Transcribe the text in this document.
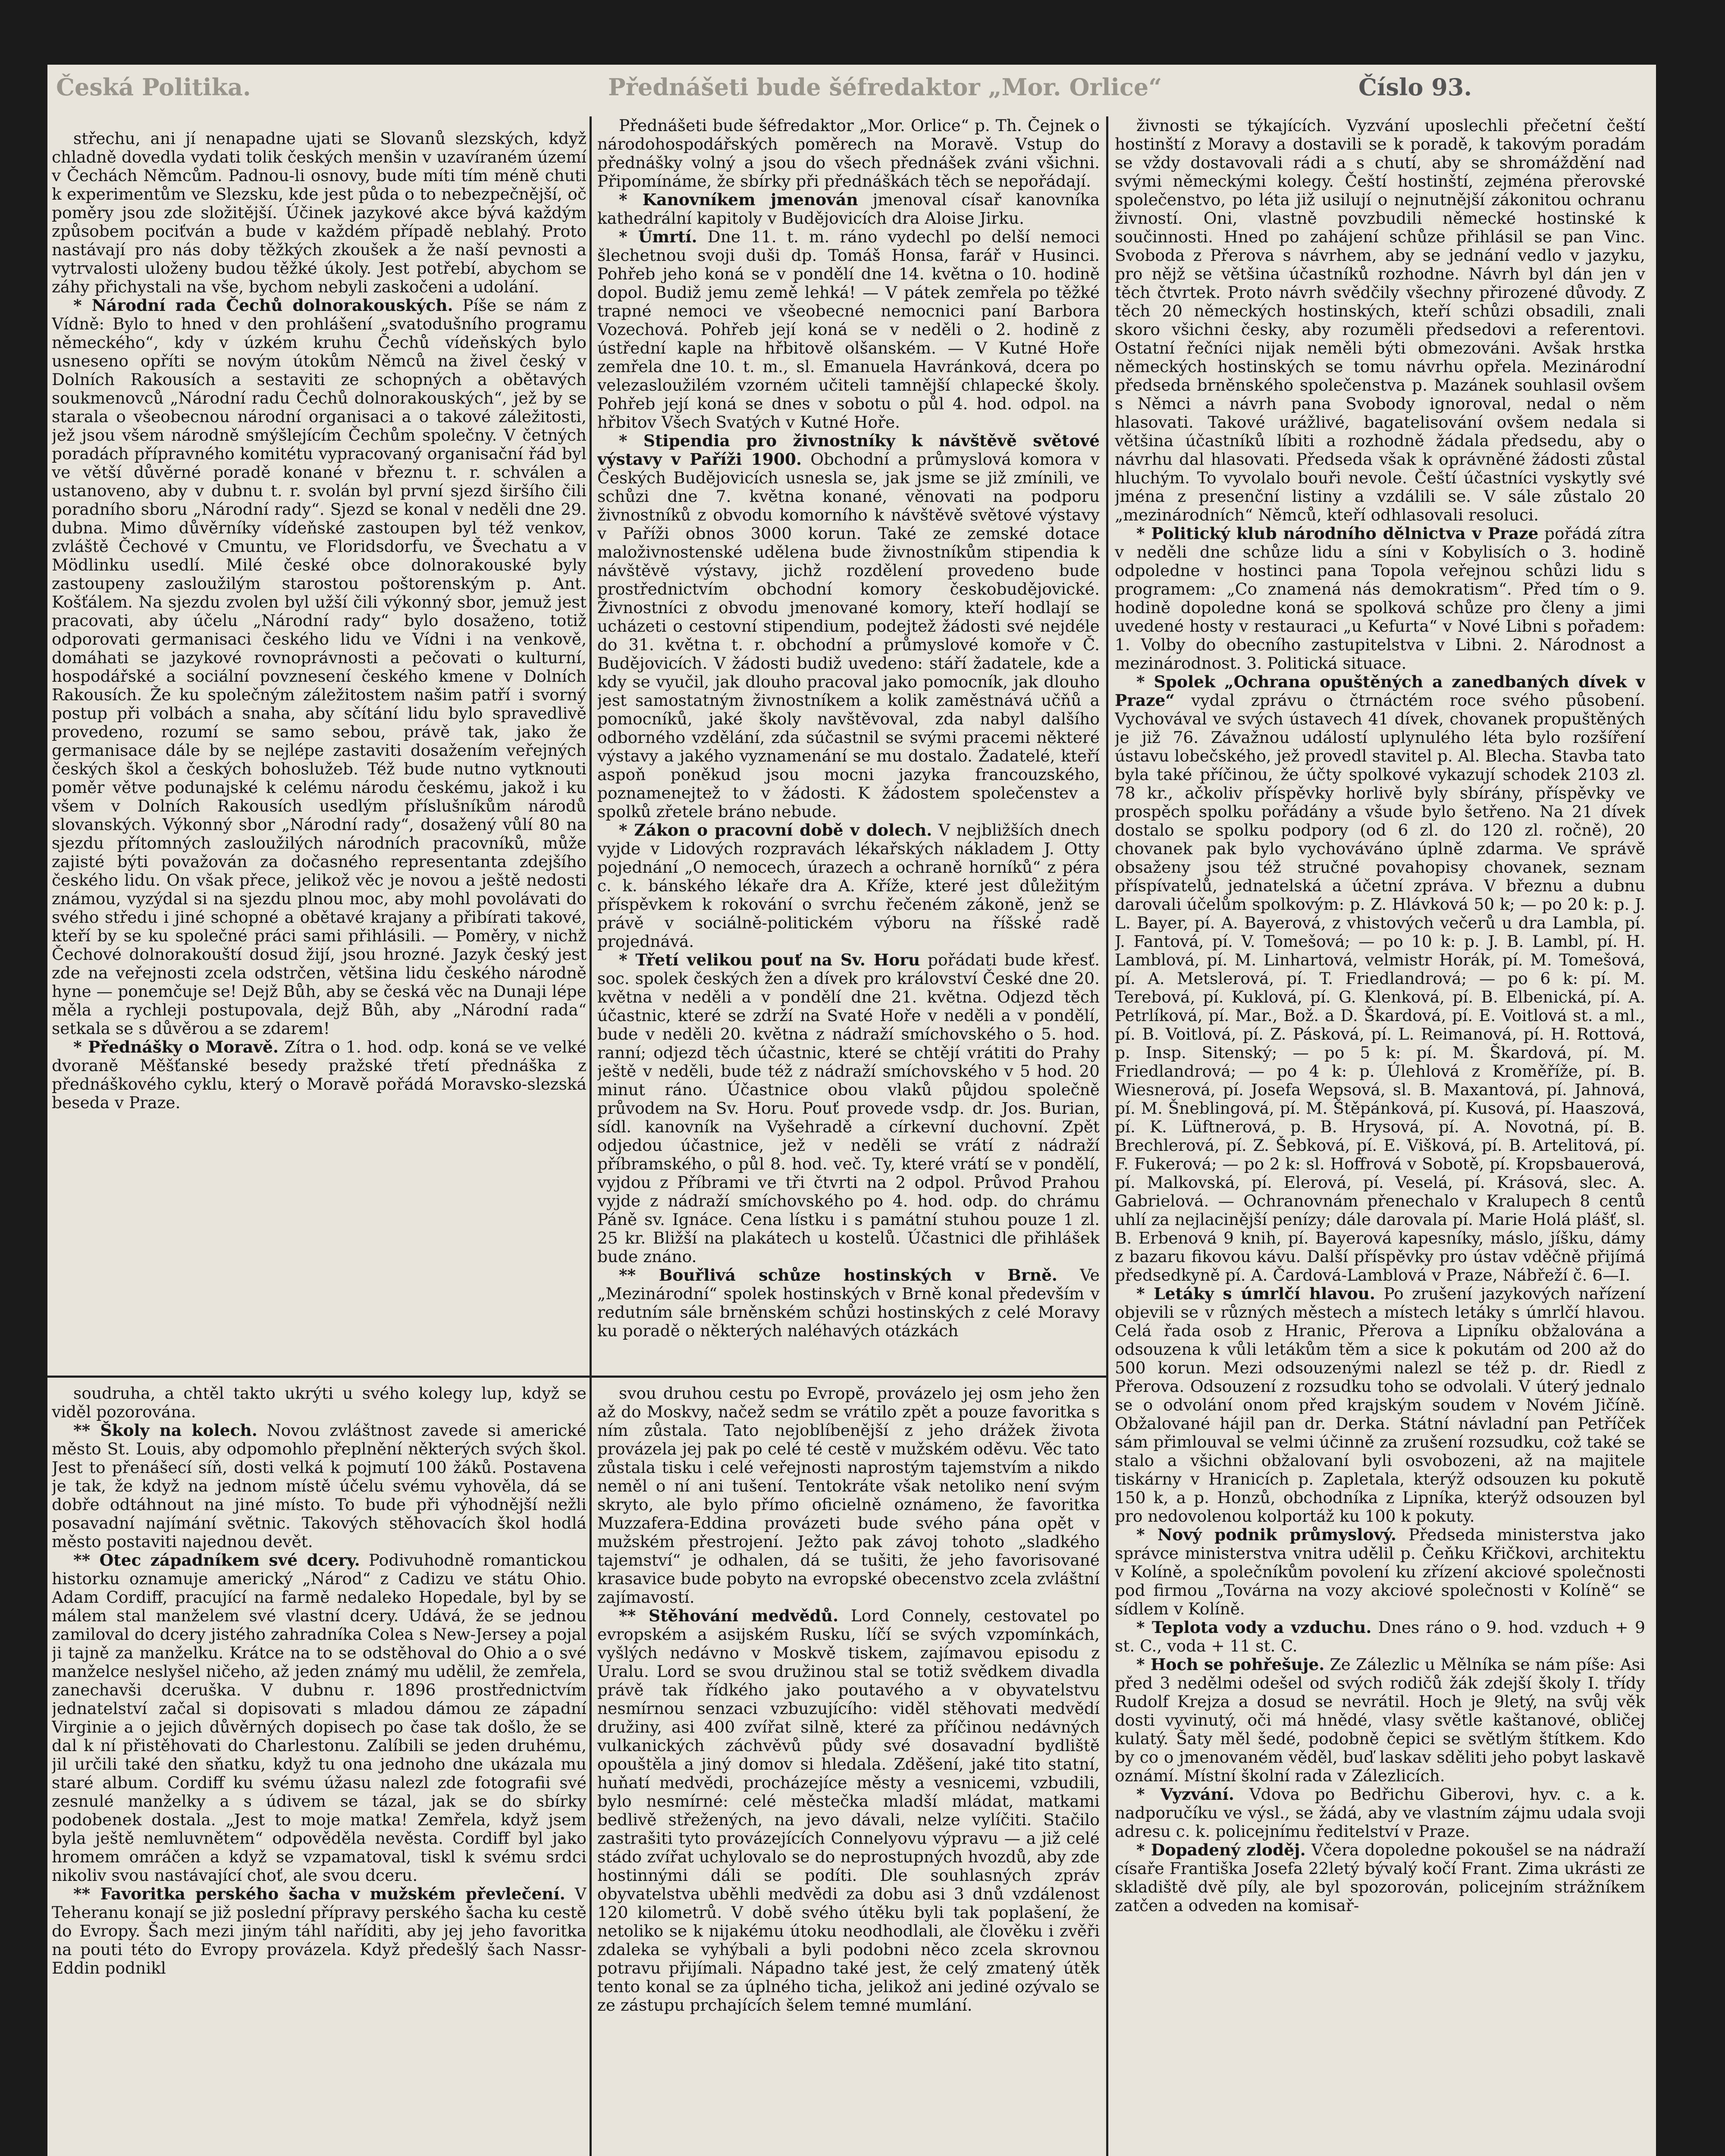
Česká Politika.	Přednášeti bude šéfredaktor „Mor. Orlice“	Číslo 93.

střechu, ani jí nenapadne ujati se Slovanů slezských, když chladně dovedla vydati tolik českých menšin v uzavíraném území v Čechách Němcům. Padnou-li osnovy, bude míti tím méně chuti k experimentům ve Slezsku, kde jest půda o to nebezpečnější, oč poměry jsou zde složitější. Účinek jazykové akce bývá každým způsobem pociťván a bude v každém případě neblahý. Proto nastávají pro nás doby těžkých zkoušek a že naší pevnosti a vytrvalosti uloženy budou těžké úkoly. Jest potřebí, abychom se záhy přichystali na vše, bychom nebyli zaskočeni a udolání.

* Národní rada Čechů dolnorakouských. Píše se nám z Vídně: Bylo to hned v den prohlášení „svatodušního programu německého“, kdy v úzkém kruhu Čechů vídeňských bylo usneseno opříti se novým útokům Němců na živel český v Dolních Rakousích a sestaviti ze schopných a obětavých soukmenovců „Národní radu Čechů dolnorakouských“, jež by se starala o všeobecnou národní organisaci a o takové záležitosti, jež jsou všem národně smýšlejícím Čechům společny. V četných poradách přípravného komitétu vypracovaný organisační řád byl ve větší důvěrné poradě konané v březnu t. r. schválen a ustanoveno, aby v dubnu t. r. svolán byl první sjezd širšího čili poradního sboru „Národní rady“. Sjezd se konal v neděli dne 29. dubna. Mimo důvěrníky vídeňské zastoupen byl též venkov, zvláště Čechové v Cmuntu, ve Floridsdorfu, ve Švechatu a v Mödlinku usedlí. Milé české obce dolnorakouské byly zastoupeny zasloužilým starostou poštorenským p. Ant. Košťálem. Na sjezdu zvolen byl užší čili výkonný sbor, jemuž jest pracovati, aby účelu „Národní rady“ bylo dosaženo, totiž odporovati germanisaci českého lidu ve Vídni i na venkově, domáhati se jazykové rovnoprávnosti a pečovati o kulturní, hospodářské a sociální povznesení českého kmene v Dolních Rakousích. Že ku společným záležitostem našim patří i svorný postup při volbách a snaha, aby sčítání lidu bylo spravedlivě provedeno, rozumí se samo sebou, právě tak, jako že germanisace dále by se nejlépe zastaviti dosažením veřejných českých škol a českých bohoslužeb. Též bude nutno vytknouti poměr větve podunajské k celému národu českému, jakož i ku všem v Dolních Rakousích usedlým příslušníkům národů slovanských. Výkonný sbor „Národní rady“, dosažený vůlí 80 na sjezdu přítomných zasloužilých národních pracovníků, může zajisté býti považován za dočasného representanta zdejšího českého lidu. On však přece, jelikož věc je novou a ještě nedosti známou, vyzýdal si na sjezdu plnou moc, aby mohl povolávati do svého středu i jiné schopné a obětavé krajany a přibírati takové, kteří by se ku společné práci sami přihlásili. — Poměry, v nichž Čechové dolnorakouští dosud žijí, jsou hrozné. Jazyk český jest zde na veřejnosti zcela odstrčen, většina lidu českého národně hyne — ponemčuje se! Dejž Bůh, aby se česká věc na Dunaji lépe měla a rychleji postupovala, dejž Bůh, aby „Národní rada“ setkala se s důvěrou a se zdarem!

* Přednášky o Moravě. Zítra o 1. hod. odp. koná se ve velké dvoraně Měšťanské besedy pražské třetí přednáška z přednáškového cyklu, který o Moravě pořádá Moravsko-slezská beseda v Praze.

soudruha, a chtěl takto ukrýti u svého kolegy lup, když se viděl pozorována.

** Školy na kolech. Novou zvláštnost zavede si americké město St. Louis, aby odpomohlo přeplnění některých svých škol. Jest to přenášecí síň, dosti velká k pojmutí 100 žáků. Postavena je tak, že když na jednom místě účelu svému vyhověla, dá se dobře odtáhnout na jiné místo. To bude při výhodnější nežli posavadní najímání světnic. Takových stěhovacích škol hodlá město postaviti najednou devět.

** Otec západníkem své dcery. Podivuhodně romantickou historku oznamuje americký „Národ“ z Cadizu ve státu Ohio. Adam Cordiff, pracující na farmě nedaleko Hopedale, byl by se málem stal manželem své vlastní dcery. Udává, že se jednou zamiloval do dcery jistého zahradníka Colea s New-Jersey a pojal ji tajně za manželku. Krátce na to se odstěhoval do Ohio a o své manželce neslyšel ničeho, až jeden známý mu udělil, že zemřela, zanechavši dceruška. V dubnu r. 1896 prostřednictvím jednatelství začal si dopisovati s mladou dámou ze západní Virginie a o jejich důvěrných dopisech po čase tak došlo, že se dal k ní přistěhovati do Charlestonu. Zalíbili se jeden druhému, jil určili také den sňatku, když tu ona jednoho dne ukázala mu staré album. Cordiff ku svému úžasu nalezl zde fotografii své zesnulé manželky a s údivem se tázal, jak se do sbírky podobenek dostala. „Jest to moje matka! Zemřela, když jsem byla ještě nemluvnětem“ odpověděla nevěsta. Cordiff byl jako hromem omráčen a když se vzpamatoval, tiskl k svému srdci nikoliv svou nastávající choť, ale svou dceru.

** Favoritka perského šacha v mužském převlečení. V Teheranu konají se již poslední přípravy perského šacha ku cestě do Evropy. Šach mezi jiným táhl naříditi, aby jej jeho favoritka na pouti této do Evropy provázela. Když předešlý šach Nassr-Eddin podnikl

Přednášeti bude šéfredaktor „Mor. Orlice“ p. Th. Čejnek o národohospodářských poměrech na Moravě. Vstup do přednášky volný a jsou do všech přednášek zváni všichni. Připomínáme, že sbírky při přednáškách těch se nepořádají.

* Kanovníkem jmenován jmenoval císař kanovníka kathedrální kapitoly v Budějovicích dra Aloise Jirku.

* Úmrtí. Dne 11. t. m. ráno vydechl po delší nemoci šlechetnou svoji duši dp. Tomáš Honsa, farář v Husinci. Pohřeb jeho koná se v pondělí dne 14. května o 10. hodině dopol. Budiž jemu země lehká! — V pátek zemřela po těžké trapné nemoci ve všeobecné nemocnici paní Barbora Vozechová. Pohřeb její koná se v neděli o 2. hodině z ústřední kaple na hřbitově olšanském. — V Kutné Hoře zemřela dne 10. t. m., sl. Emanuela Havránková, dcera po velezasloužilém vzorném učiteli tamnější chlapecké školy. Pohřeb její koná se dnes v sobotu o půl 4. hod. odpol. na hřbitov Všech Svatých v Kutné Hoře.

* Stipendia pro živnostníky k návštěvě světové výstavy v Paříži 1900. Obchodní a průmyslová komora v Českých Budějovicích usnesla se, jak jsme se již zmínili, ve schůzi dne 7. května konané, věnovati na podporu živnostníků z obvodu komorního k návštěvě světové výstavy v Paříži obnos 3000 korun. Také ze zemské dotace maloživnostenské udělena bude živnostníkům stipendia k návštěvě výstavy, jichž rozdělení provedeno bude prostřednictvím obchodní komory českobudějovické. Živnostníci z obvodu jmenované komory, kteří hodlají se ucházeti o cestovní stipendium, podejtež žádosti své nejdéle do 31. května t. r. obchodní a průmyslové komoře v Č. Budějovicích. V žádosti budiž uvedeno: stáří žadatele, kde a kdy se vyučil, jak dlouho pracoval jako pomocník, jak dlouho jest samostatným živnostníkem a kolik zaměstnává učňů a pomocníků, jaké školy navštěvoval, zda nabyl dalšího odborného vzdělání, zda súčastnil se svými pracemi některé výstavy a jakého vyznamenání se mu dostalo. Žadatelé, kteří aspoň poněkud jsou mocni jazyka francouzského, poznamenejtež to v žádosti. K žádostem společenstev a spolků zřetele bráno nebude.

* Zákon o pracovní době v dolech. V nejbližších dnech vyjde v Lidových rozpravách lékařských nákladem J. Otty pojednání „O nemocech, úrazech a ochraně horníků“ z péra c. k. bánského lékaře dra A. Kříže, které jest důležitým příspěvkem k rokování o svrchu řečeném zákoně, jenž se právě v sociálně-politickém výboru na říšské radě projednává.

* Třetí velikou pouť na Sv. Horu pořádati bude křesť. soc. spolek českých žen a dívek pro království České dne 20. května v neděli a v pondělí dne 21. května. Odjezd těch účastnic, které se zdrží na Svaté Hoře v neděli a v pondělí, bude v neděli 20. května z nádraží smíchovského o 5. hod. ranní; odjezd těch účastnic, které se chtějí vrátiti do Prahy ještě v neděli, bude též z nádraží smíchovského v 5 hod. 20 minut ráno. Účastnice obou vlaků půjdou společně průvodem na Sv. Horu. Pouť provede vsdp. dr. Jos. Burian, sídl. kanovník na Vyšehradě a církevní duchovní. Zpět odjedou účastnice, jež v neděli se vrátí z nádraží příbramského, o půl 8. hod. več. Ty, které vrátí se v pondělí, vyjdou z Příbrami ve tři čtvrti na 2 odpol. Průvod Prahou vyjde z nádraží smíchovského po 4. hod. odp. do chrámu Páně sv. Ignáce. Cena lístku i s památní stuhou pouze 1 zl. 25 kr. Bližší na plakátech u kostelů. Účastnici dle přihlášek bude znáno.

** Bouřlivá schůze hostinských v Brně. Ve „Mezinárodní“ spolek hostinských v Brně konal především v redutním sále brněnském schůzi hostinských z celé Moravy ku poradě o některých naléhavých otázkách

svou druhou cestu po Evropě, provázelo jej osm jeho žen až do Moskvy, načež sedm se vrátilo zpět a pouze favoritka s ním zůstala. Tato nejoblíbenější z jeho drážek života provázela jej pak po celé té cestě v mužském oděvu. Věc tato zůstala tisku i celé veřejnosti naprostým tajemstvím a nikdo neměl o ní ani tušení. Tentokráte však netoliko není svým skryto, ale bylo přímo oficielně oznámeno, že favoritka Muzzafera-Eddina provázeti bude svého pána opět v mužském přestrojení. Ježto pak závoj tohoto „sladkého tajemství“ je odhalen, dá se tušiti, že jeho favorisované krasavice bude pobyto na evropské obecenstvo zcela zvláštní zajímavostí.

** Stěhování medvědů. Lord Connely, cestovatel po evropském a asijském Rusku, líčí se svých vzpomínkách, vyšlých nedávno v Moskvě tiskem, zajímavou episodu z Uralu. Lord se svou družinou stal se totiž svědkem divadla právě tak řídkého jako poutavého a v obyvatelstvu nesmírnou senzaci vzbuzujícího: viděl stěhovati medvědí družiny, asi 400 zvířat silně, které za příčinou nedávných vulkanických záchvěvů půdy své dosavadní bydliště opouštěla a jiný domov si hledala. Zděšení, jaké tito statní, huňatí medvědi, procházejíce městy a vesnicemi, vzbudili, bylo nesmírné: celé městečka mladší mládat, matkami bedlivě střežených, na jevo dávali, nelze vylíčiti. Stačilo zastrašiti tyto provázejících Connelyovu výpravu — a již celé stádo zvířat uchylovalo se do neprostupných hvozdů, aby zde hostinnými dáli se podíti. Dle souhlasných zpráv obyvatelstva uběhli medvědi za dobu asi 3 dnů vzdálenost 120 kilometrů. V době svého útěku byli tak poplašení, že netoliko se k nijakému útoku neodhodlali, ale člověku i zvěři zdaleka se vyhýbali a byli podobni něco zcela skrovnou potravu přijímali. Nápadno také jest, že celý zmatený útěk tento konal se za úplného ticha, jelikož ani jediné ozývalo se ze zástupu prchajících šelem temné mumlání.

živnosti se týkajících. Vyzvání uposlechli přečetní čeští hostinští z Moravy a dostavili se k poradě, k takovým poradám se vždy dostavovali rádi a s chutí, aby se shromáždění nad svými německými kolegy. Čeští hostinští, zejména přerovské společenstvo, po léta již usilují o nejnutnější zákonitou ochranu živností. Oni, vlastně povzbudili německé hostinské k součinnosti. Hned po zahájení schůze přihlásil se pan Vinc. Svoboda z Přerova s návrhem, aby se jednání vedlo v jazyku, pro nějž se většina účastníků rozhodne. Návrh byl dán jen v těch čtvrtek. Proto návrh svědčily všechny přirozené důvody. Z těch 20 německých hostinských, kteří schůzi obsadili, znali skoro všichni česky, aby rozuměli předsedovi a referentovi. Ostatní řečníci nijak neměli býti obmezováni. Avšak hrstka německých hostinských se tomu návrhu opřela. Mezinárodní předseda brněnského společenstva p. Mazánek souhlasil ovšem s Němci a návrh pana Svobody ignoroval, nedal o něm hlasovati. Takové urážlivé, bagatelisování ovšem nedala si většina účastníků líbiti a rozhodně žádala předsedu, aby o návrhu dal hlasovati. Předseda však k oprávněné žádosti zůstal hluchým. To vyvolalo bouři nevole. Čeští účastníci vyskytly své jména z presenční listiny a vzdálili se. V sále zůstalo 20 „mezinárodních“ Němců, kteří odhlasovali resoluci.

* Politický klub národního dělnictva v Praze pořádá zítra v neděli dne schůze lidu a síni v Kobylisích o 3. hodině odpoledne v hostinci pana Topola veřejnou schůzi lidu s programem: „Co znamená nás demokratism“. Před tím o 9. hodině dopoledne koná se spolková schůze pro členy a jimi uvedené hosty v restauraci „u Kefurta“ v Nové Libni s pořadem: 1. Volby do obecního zastupitelstva v Libni. 2. Národnost a mezinárodnost. 3. Politická situace.

* Spolek „Ochrana opuštěných a zanedbaných dívek v Praze“ vydal zprávu o čtrnáctém roce svého působení. Vychovával ve svých ústavech 41 dívek, chovanek propuštěných je již 76. Závažnou událostí uplynulého léta bylo rozšíření ústavu lobečského, jež provedl stavitel p. Al. Blecha. Stavba tato byla také příčinou, že účty spolkové vykazují schodek 2103 zl. 78 kr., ačkoliv příspěvky horlivě byly sbírány, příspěvky ve prospěch spolku pořádány a všude bylo šetřeno. Na 21 dívek dostalo se spolku podpory (od 6 zl. do 120 zl. ročně), 20 chovanek pak bylo vychováváno úplně zdarma. Ve správě obsaženy jsou též stručné povahopisy chovanek, seznam příspívatelů, jednatelská a účetní zpráva. V březnu a dubnu darovali účelům spolkovým: p. Z. Hlávková 50 k; — po 20 k: p. J. L. Bayer, pí. A. Bayerová, z vhistových večerů u dra Lambla, pí. J. Fantová, pí. V. Tomešová; — po 10 k: p. J. B. Lambl, pí. H. Lamblová, pí. M. Linhartová, velmistr Horák, pí. M. Tomešová, pí. A. Metslerová, pí. T. Friedlandrová; — po 6 k: pí. M. Terebová, pí. Kuklová, pí. G. Klenková, pí. B. Elbenická, pí. A. Petrlíková, pí. Mar., Bož. a D. Škardová, pí. E. Voitlová st. a ml., pí. B. Voitlová, pí. Z. Pásková, pí. L. Reimanová, pí. H. Rottová, p. Insp. Sitenský; — po 5 k: pí. M. Škardová, pí. M. Friedlandrová; — po 4 k: p. Úlehlová z Kroměříže, pí. B. Wiesnerová, pí. Josefa Wepsová, sl. B. Maxantová, pí. Jahnová, pí. M. Šneblingová, pí. M. Štěpánková, pí. Kusová, pí. Haaszová, pí. K. Lüftnerová, p. B. Hrysová, pí. A. Novotná, pí. B. Brechlerová, pí. Z. Šebková, pí. E. Višková, pí. B. Artelitová, pí. F. Fukerová; — po 2 k: sl. Hoffrová v Sobotě, pí. Kropsbauerová, pí. Malkovská, pí. Elerová, pí. Veselá, pí. Krásová, slec. A. Gabrielová. — Ochranovnám přenechalo v Kralupech 8 centů uhlí za nejlacinější penízy; dále darovala pí. Marie Holá plášť, sl. B. Erbenová 9 knih, pí. Bayerová kapesníky, máslo, jíšku, dámy z bazaru fikovou kávu. Další příspěvky pro ústav vděčně přijímá předsedkyně pí. A. Čardová-Lamblová v Praze, Nábřeží č. 6—I.

* Letáky s úmrlčí hlavou. Po zrušení jazykových nařízení objevili se v různých městech a místech letáky s úmrlčí hlavou. Celá řada osob z Hranic, Přerova a Lipníku obžalována a odsouzena k vůli letákům těm a sice k pokutám od 200 až do 500 korun. Mezi odsouzenými nalezl se též p. dr. Riedl z Přerova. Odsouzení z rozsudku toho se odvolali. V úterý jednalo se o odvolání onom před krajským soudem v Novém Jičíně. Obžalované hájil pan dr. Derka. Státní návladní pan Petříček sám přimlouval se velmi účinně za zrušení rozsudku, což také se stalo a všichni obžalovaní byli osvobozeni, až na majitele tiskárny v Hranicích p. Zapletala, kterýž odsouzen ku pokutě 150 k, a p. Honzů, obchodníka z Lipníka, kterýž odsouzen byl pro nedovolenou kolportáž ku 100 k pokuty.

* Nový podnik průmyslový. Předseda ministerstva jako správce ministerstva vnitra udělil p. Čeňku Křičkovi, architektu v Kolíně, a společníkům povolení ku zřízení akciové společnosti pod firmou „Továrna na vozy akciové společnosti v Kolíně“ se sídlem v Kolíně.

* Teplota vody a vzduchu. Dnes ráno o 9. hod. vzduch + 9 st. C., voda + 11 st. C.

* Hoch se pohřešuje. Ze Zálezlic u Mělníka se nám píše: Asi před 3 nedělmi odešel od svých rodičů žák zdejší školy I. třídy Rudolf Krejza a dosud se nevrátil. Hoch je 9letý, na svůj věk dosti vyvinutý, oči má hnědé, vlasy světle kaštanové, obličej kulatý. Šaty měl šedé, podobně čepici se světlým štítkem. Kdo by co o jmenovaném věděl, buď laskav sděliti jeho pobyt laskavě oznámí. Místní školní rada v Zálezlicích.

* Vyzvání. Vdova po Bedřichu Giberovi, hyv. c. a k. nadporučíku ve výsl., se žádá, aby ve vlastním zájmu udala svoji adresu c. k. policejnímu ředitelství v Praze.

* Dopadený zloděj. Včera dopoledne pokoušel se na nádraží císaře Františka Josefa 22letý bývalý kočí Frant. Zima ukrásti ze skladiště dvě píly, ale byl spozorován, policejním strážníkem zatčen a odveden na komisař-
